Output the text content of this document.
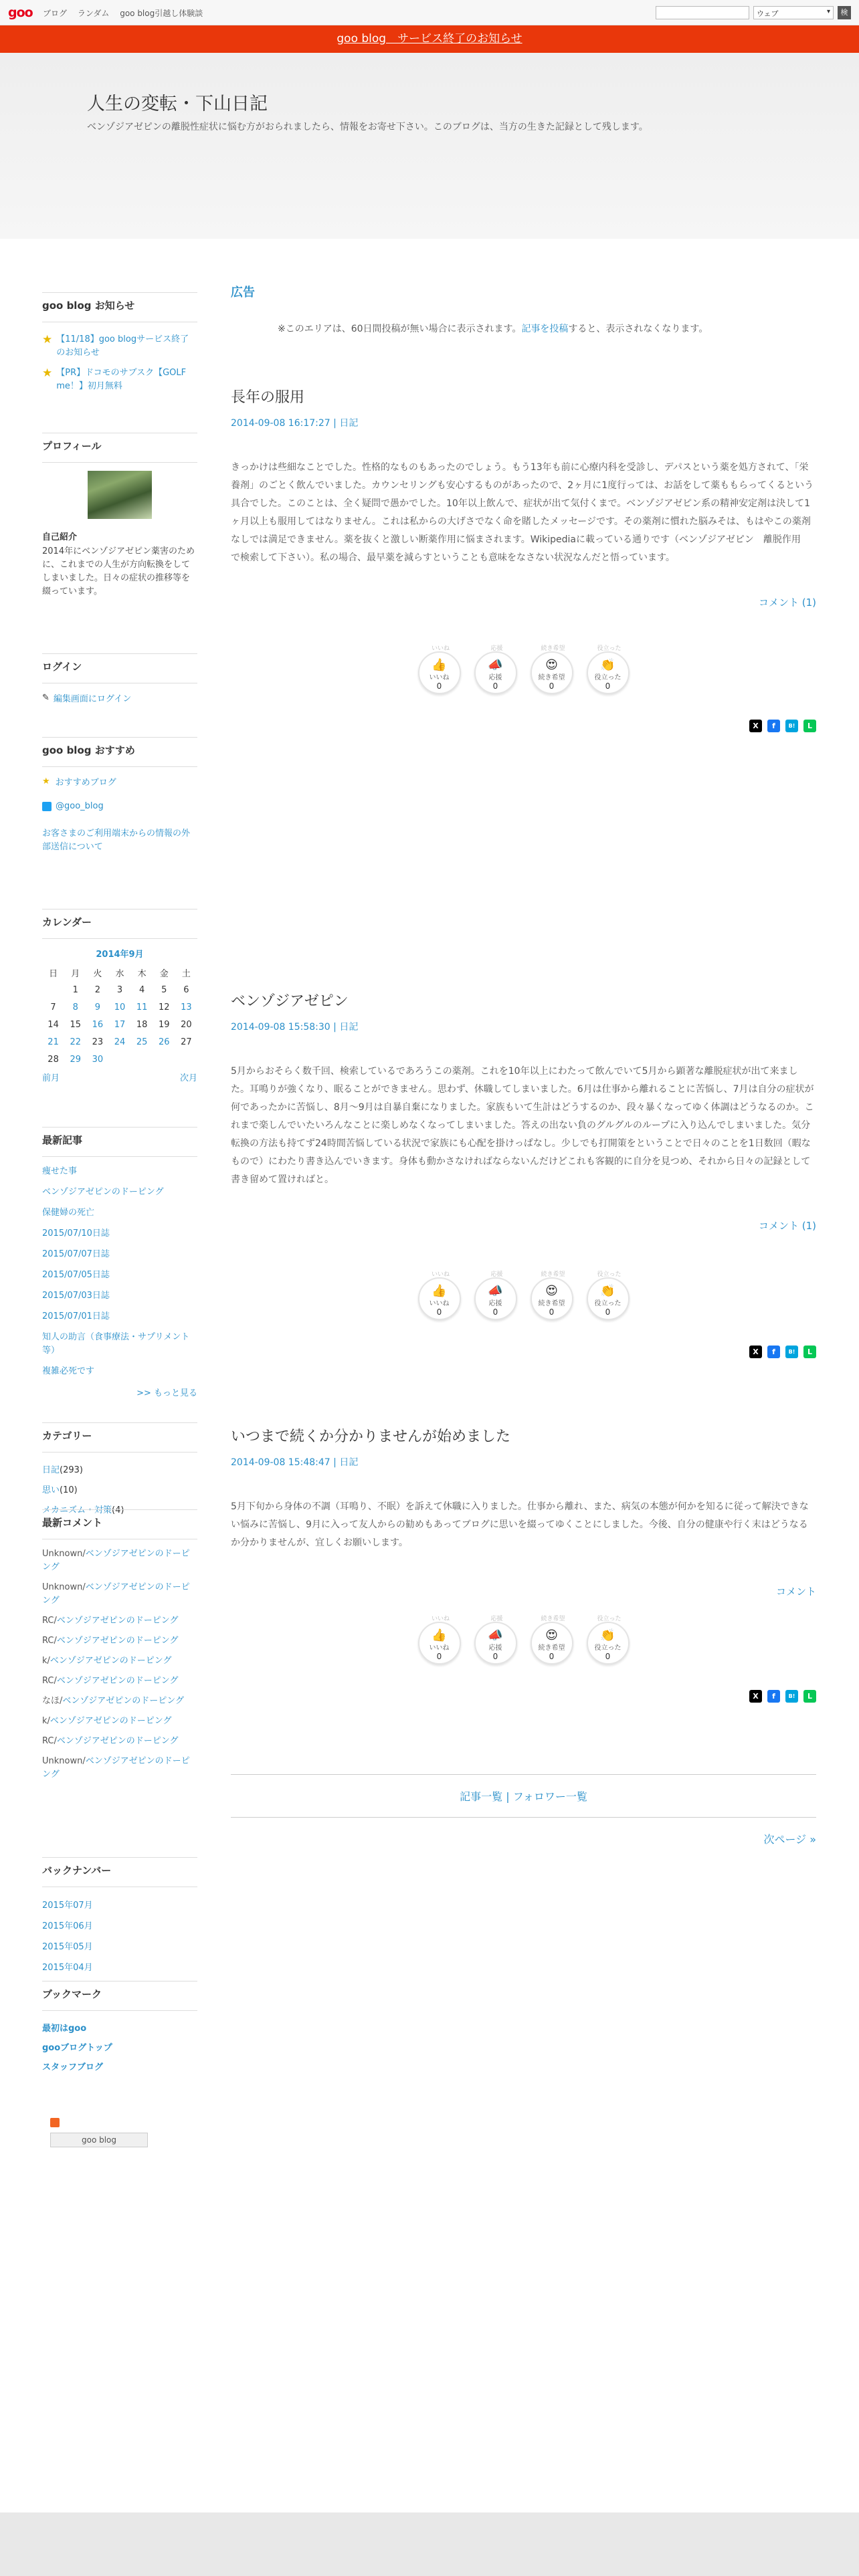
goo ブログ ランダム goo blog引越し体験談	ウェブ ▾	検
goo blog　サービス終了のお知らせ
人生の変転・下山日記
ベンゾジアゼピンの離脱性症状に悩む方がおられましたら、情報をお寄せ下さい。このブログは、当方の生きた記録として残します。
goo blog お知らせ
★ 【11/18】goo blogサービス終了のお知らせ
★ 【PR】ドコモのサブスク【GOLF me！】初月無料
プロフィール
自己紹介
2014年にベンゾジアゼピン薬害のために、これまでの人生が方向転換をしてしまいました。日々の症状の推移等を綴っています。
ログイン
✎ 編集画面にログイン
goo blog おすすめ
★ おすすめブログ
@goo_blog
お客さまのご利用端末からの情報の外部送信について
カレンダー
2014年9月
日	月	火	水	木	金	土
	1	2	3	4	5	6
7	8	9	10	11	12	13
14	15	16	17	18	19	20
21	22	23	24	25	26	27
28	29	30				
前月	次月
最新記事
痩せた事
ベンゾジアゼピンのドーピング
保健婦の死亡
2015/07/10日誌
2015/07/07日誌
2015/07/05日誌
2015/07/03日誌
2015/07/01日誌
知人の助言（食事療法・サプリメント等）
複雑必死です
>> もっと見る
カテゴリー
日記(293)
思い(10)
メカニズム・対策(4)
最新コメント
Unknown/ベンゾジアゼピンのドーピング
Unknown/ベンゾジアゼピンのドーピング
RC/ベンゾジアゼピンのドーピング
RC/ベンゾジアゼピンのドーピング
k/ベンゾジアゼピンのドーピング
RC/ベンゾジアゼピンのドーピング
なほ/ベンゾジアゼピンのドーピング
k/ベンゾジアゼピンのドーピング
RC/ベンゾジアゼピンのドーピング
Unknown/ベンゾジアゼピンのドーピング
バックナンバー
2015年07月
2015年06月
2015年05月
2015年04月
ブックマーク
最初はgoo
gooブログトップ
スタッフブログ
goo blog
広告
※このエリアは、60日間投稿が無い場合に表示されます。記事を投稿すると、表示されなくなります。
長年の服用
2014-09-08 16:17:27 | 日記
きっかけは些細なことでした。性格的なものもあったのでしょう。もう13年も前に心療内科を受診し、デパスという薬を処方されて、「栄養剤」のごとく飲んでいました。カウンセリングも安心するものがあったので、2ヶ月に1度行っては、お話をして薬ももらってくるという具合でした。このことは、全く疑問で愚かでした。10年以上飲んで、症状が出て気付くまで。ベンゾジアゼピン系の精神安定剤は決して1ヶ月以上も服用してはなりません。これは私からの大げさでなく命を賭したメッセージです。その薬剤に慣れた脳みそは、もはやこの薬剤なしでは満足できません。薬を抜くと激しい断薬作用に悩まされます。Wikipediaに載っている通りです（ベンゾジアゼピン　離脱作用　で検索して下さい）。私の場合、最早薬を減らすということも意味をなさない状況なんだと悟っています。
コメント (1)
いいね
👍
いいね
0
応援
📣
応援
0
続き希望
😍
続き希望
0
役立った
👏
役立った
0
X	f	B!	L
ベンゾジアゼピン
2014-09-08 15:58:30 | 日記
5月からおそらく数千回、検索しているであろうこの薬剤。これを10年以上にわたって飲んでいて5月から顕著な離脱症状が出て来ました。耳鳴りが強くなり、眠ることができません。思わず、休職してしまいました。6月は仕事から離れることに苦悩し、7月は自分の症状が何であったかに苦悩し、8月〜9月は自暴自棄になりました。家族もいて生計はどうするのか、段々暴くなってゆく体調はどうなるのか。これまで楽しんでいたいろんなことに楽しめなくなってしまいました。答えの出ない負のグルグルのループに入り込んでしまいました。気分転換の方法も持てず24時間苦悩している状況で家族にも心配を掛けっぱなし。少しでも打開策をということで日々のことを1日数回（暇なもので）にわたり書き込んでいきます。身体も動かさなければならないんだけどこれも客観的に自分を見つめ、それから日々の記録として書き留めて置ければと。
コメント (1)
いいね
👍
いいね
0
応援
📣
応援
0
続き希望
😍
続き希望
0
役立った
👏
役立った
0
X	f	B!	L
いつまで続くか分かりませんが始めました
2014-09-08 15:48:47 | 日記
5月下旬から身体の不調（耳鳴り、不眠）を訴えて休職に入りました。仕事から離れ、また、病気の本態が何かを知るに従って解決できない悩みに苦悩し、9月に入って友人からの勧めもあってブログに思いを綴ってゆくことにしました。今後、自分の健康や行く末はどうなるか分かりませんが、宜しくお願いします。
コメント
いいね
👍
いいね
0
応援
📣
応援
0
続き希望
😍
続き希望
0
役立った
👏
役立った
0
X	f	B!	L
記事一覧 | フォロワー一覧
次ページ »
